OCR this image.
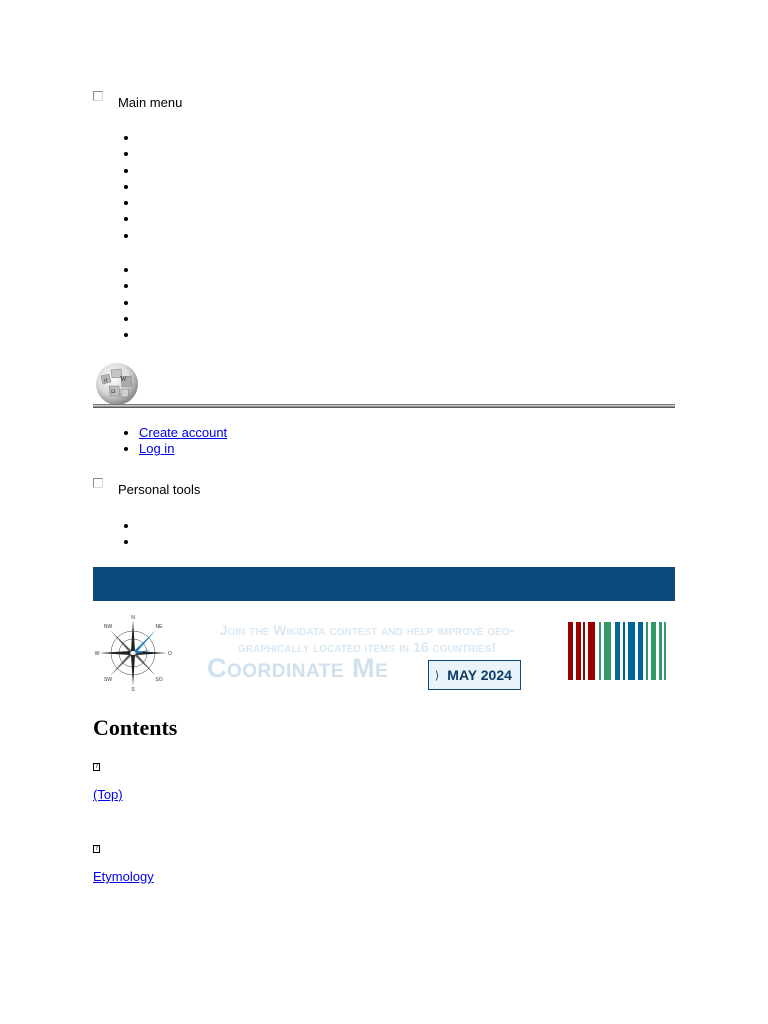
Main menu
W
Ω
И
• Create account
• Log in
Personal tools
N
S
W	O
NW	NE
SW	SO
Join the Wikidata contest and help improve geo-
graphically located items in 16 countries!
Coordinate Me	⟩ MAY 2024
Contents
?
(Top)
?
Etymology
